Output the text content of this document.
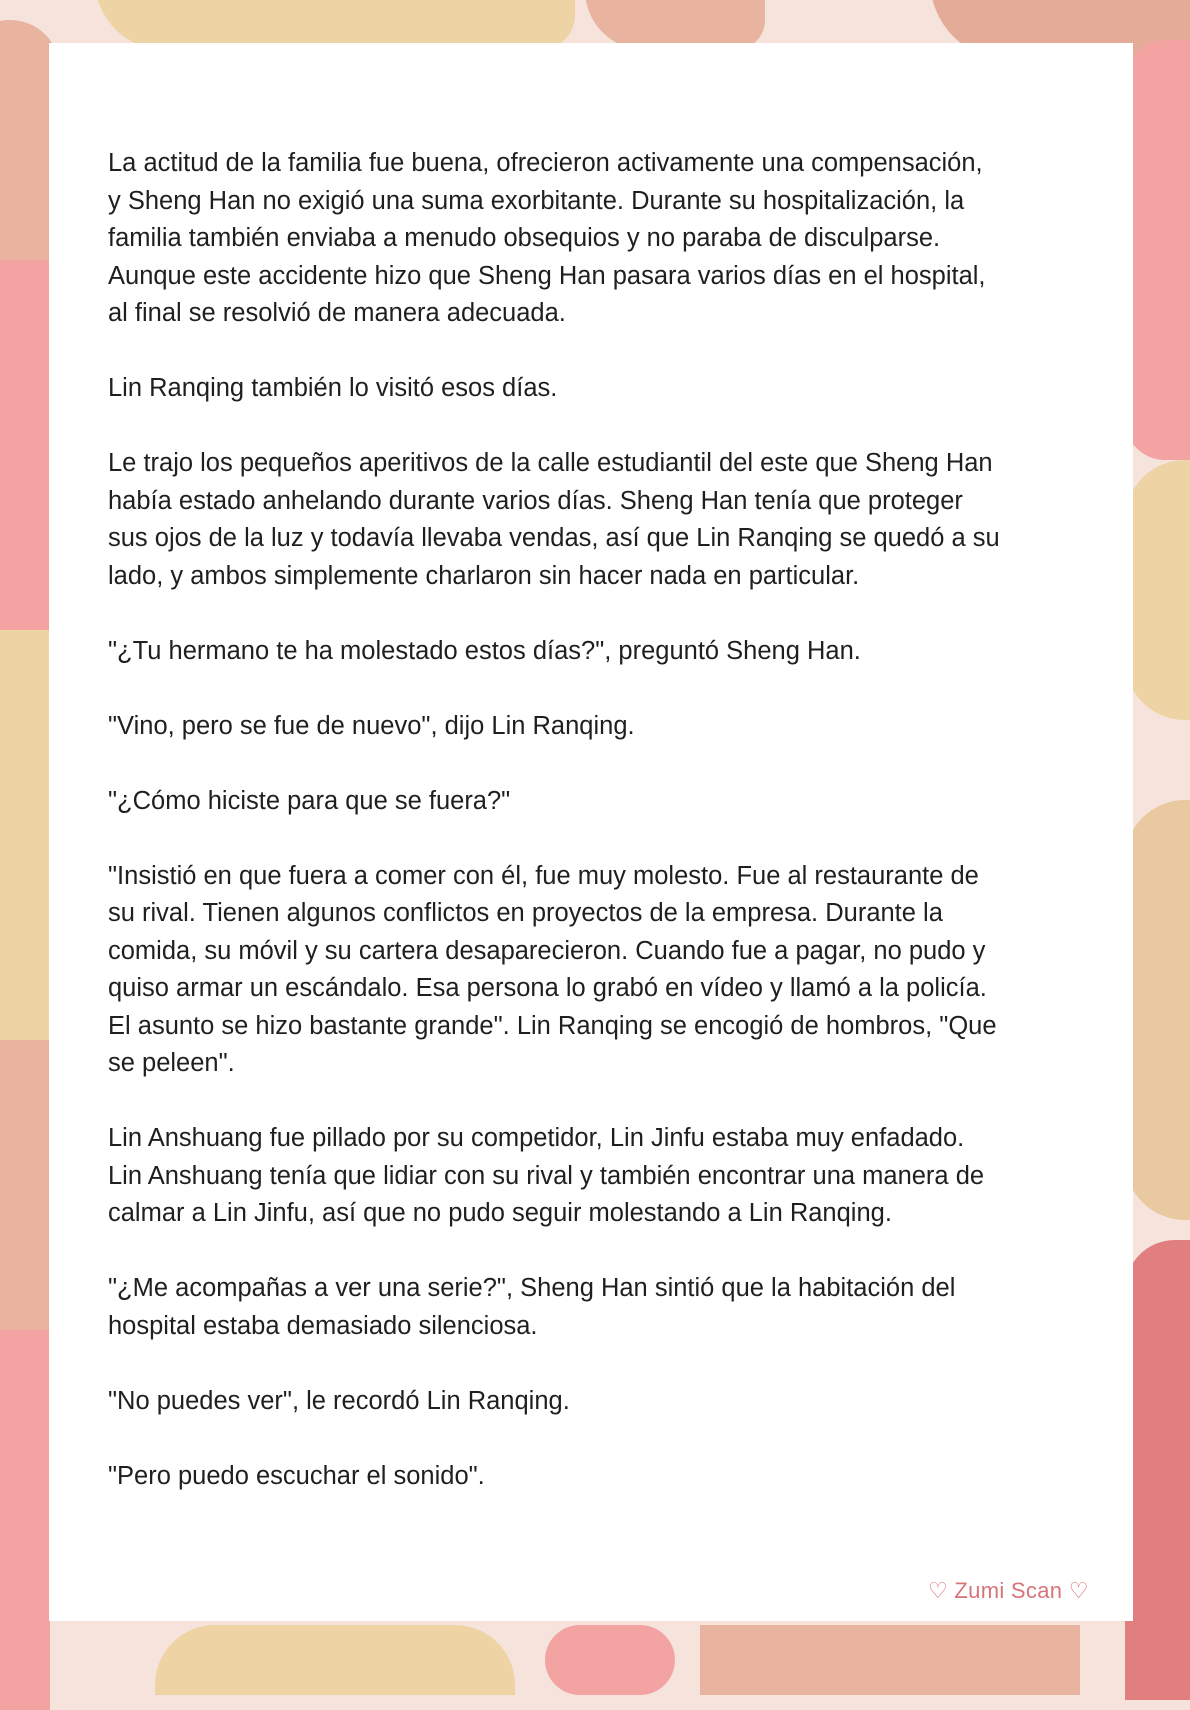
La actitud de la familia fue buena, ofrecieron activamente una compensación,
y Sheng Han no exigió una suma exorbitante. Durante su hospitalización, la
familia también enviaba a menudo obsequios y no paraba de disculparse.
Aunque este accidente hizo que Sheng Han pasara varios días en el hospital,
al final se resolvió de manera adecuada.

Lin Ranqing también lo visitó esos días.

Le trajo los pequeños aperitivos de la calle estudiantil del este que Sheng Han
había estado anhelando durante varios días. Sheng Han tenía que proteger
sus ojos de la luz y todavía llevaba vendas, así que Lin Ranqing se quedó a su
lado, y ambos simplemente charlaron sin hacer nada en particular.

"¿Tu hermano te ha molestado estos días?", preguntó Sheng Han.

"Vino, pero se fue de nuevo", dijo Lin Ranqing.

"¿Cómo hiciste para que se fuera?"

"Insistió en que fuera a comer con él, fue muy molesto. Fue al restaurante de
su rival. Tienen algunos conflictos en proyectos de la empresa. Durante la
comida, su móvil y su cartera desaparecieron. Cuando fue a pagar, no pudo y
quiso armar un escándalo. Esa persona lo grabó en vídeo y llamó a la policía.
El asunto se hizo bastante grande". Lin Ranqing se encogió de hombros, "Que
se peleen".

Lin Anshuang fue pillado por su competidor, Lin Jinfu estaba muy enfadado.
Lin Anshuang tenía que lidiar con su rival y también encontrar una manera de
calmar a Lin Jinfu, así que no pudo seguir molestando a Lin Ranqing.

"¿Me acompañas a ver una serie?", Sheng Han sintió que la habitación del
hospital estaba demasiado silenciosa.

"No puedes ver", le recordó Lin Ranqing.

"Pero puedo escuchar el sonido".

♡ Zumi Scan ♡
